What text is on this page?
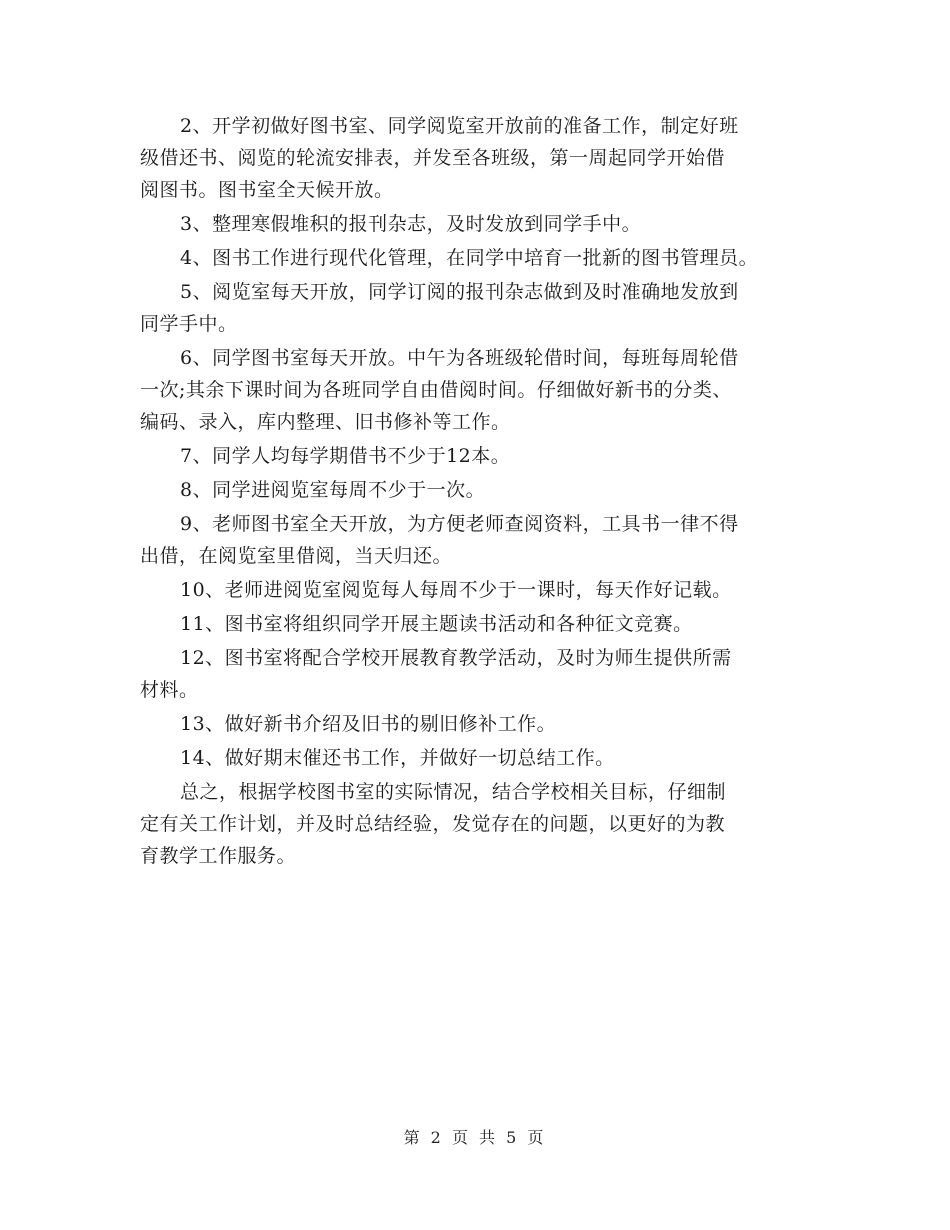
2、开学初做好图书室、同学阅览室开放前的准备工作，制定好班
级借还书、阅览的轮流安排表，并发至各班级，第一周起同学开始借
阅图书。图书室全天候开放。
3、整理寒假堆积的报刊杂志，及时发放到同学手中。
4、图书工作进行现代化管理，在同学中培育一批新的图书管理员。
5、阅览室每天开放，同学订阅的报刊杂志做到及时准确地发放到
同学手中。
6、同学图书室每天开放。中午为各班级轮借时间，每班每周轮借
一次;其余下课时间为各班同学自由借阅时间。仔细做好新书的分类、
编码、录入，库内整理、旧书修补等工作。
7、同学人均每学期借书不少于12本。
8、同学进阅览室每周不少于一次。
9、老师图书室全天开放，为方便老师查阅资料，工具书一律不得
出借，在阅览室里借阅，当天归还。
10、老师进阅览室阅览每人每周不少于一课时，每天作好记载。
11、图书室将组织同学开展主题读书活动和各种征文竞赛。
12、图书室将配合学校开展教育教学活动，及时为师生提供所需
材料。
13、做好新书介绍及旧书的剔旧修补工作。
14、做好期末催还书工作，并做好一切总结工作。
总之，根据学校图书室的实际情况，结合学校相关目标，仔细制
定有关工作计划，并及时总结经验，发觉存在的问题，以更好的为教
育教学工作服务。
第 2 页 共 5 页
